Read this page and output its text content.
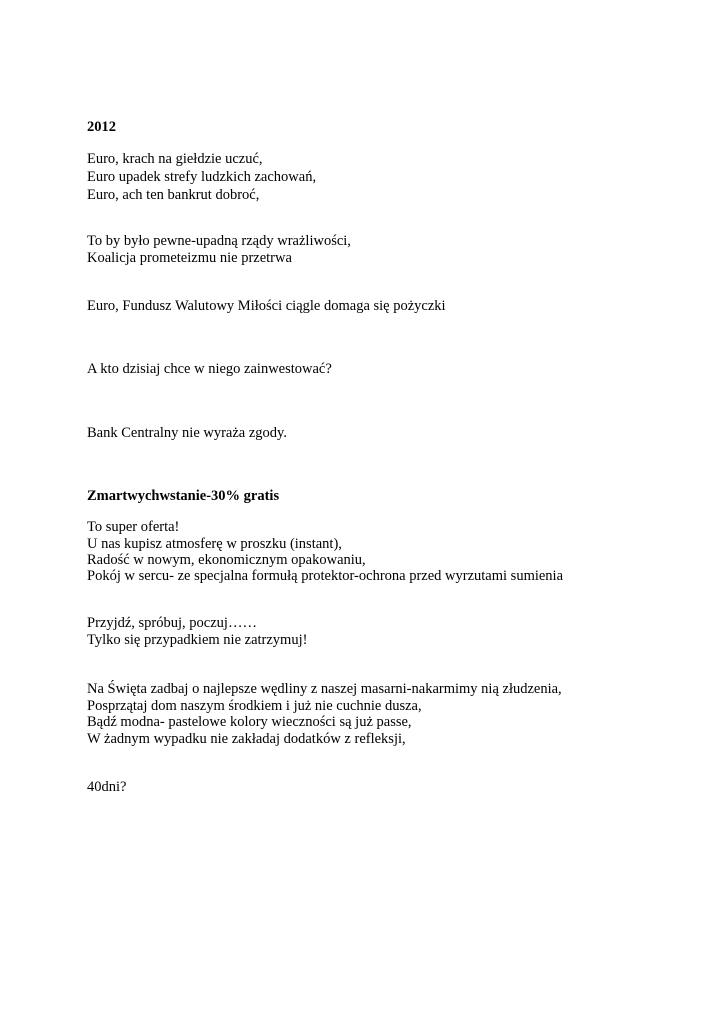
2012
Euro, krach na giełdzie uczuć,
Euro upadek strefy ludzkich zachowań,
Euro, ach ten bankrut dobroć,
To by było pewne-upadną rządy wrażliwości,
Koalicja prometeizmu nie przetrwa
Euro, Fundusz Walutowy Miłości ciągle domaga się pożyczki
A kto dzisiaj chce w niego zainwestować?
Bank Centralny nie wyraża zgody.
Zmartwychwstanie-30% gratis
To super oferta!
U nas kupisz atmosferę w proszku (instant),
Radość w nowym, ekonomicznym opakowaniu,
Pokój w sercu- ze specjalna formułą protektor-ochrona przed wyrzutami sumienia
Przyjdź, spróbuj, poczuj……
Tylko się przypadkiem nie zatrzymuj!
Na Święta zadbaj o najlepsze wędliny z naszej masarni-nakarmimy nią złudzenia,
Posprzątaj dom naszym środkiem i już nie cuchnie dusza,
Bądź modna- pastelowe kolory wieczności są już passe,
W żadnym wypadku nie zakładaj dodatków z refleksji,
40dni?
